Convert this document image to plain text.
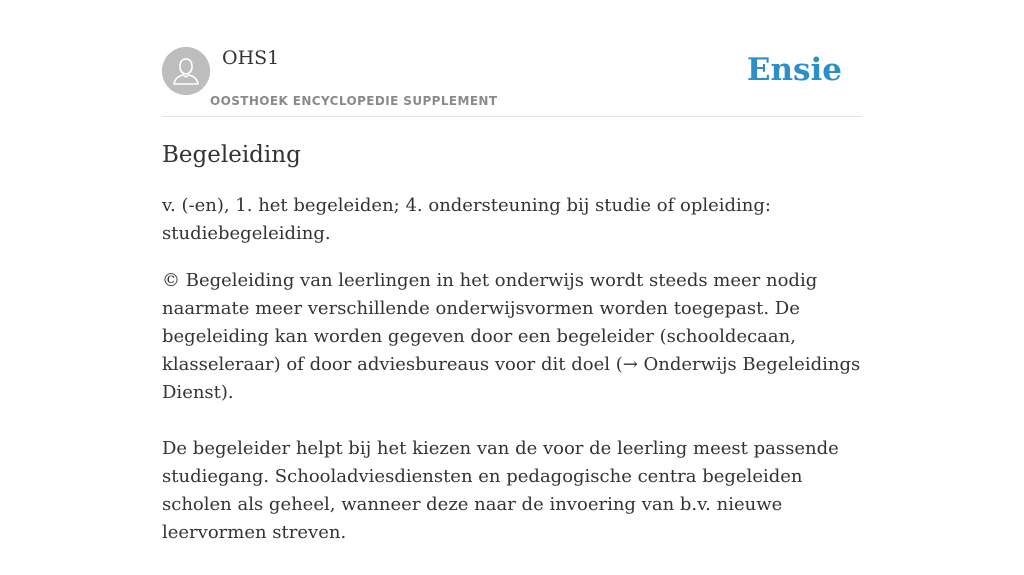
OHS1
OOSTHOEK ENCYCLOPEDIE SUPPLEMENT
Ensie
Begeleiding

v. (-en), 1. het begeleiden; 4. ondersteuning bij studie of opleiding: studiebegeleiding.

© Begeleiding van leerlingen in het onderwijs wordt steeds meer nodig naarmate meer verschillende onderwijsvormen worden toegepast. De begeleiding kan worden gegeven door een begeleider (schooldecaan, klasseleraar) of door adviesbureaus voor dit doel (→ Onderwijs Begeleidings Dienst).

De begeleider helpt bij het kiezen van de voor de leerling meest passende studiegang. Schooladviesdiensten en pedagogische centra begeleiden scholen als geheel, wanneer deze naar de invoering van b.v. nieuwe leervormen streven.
